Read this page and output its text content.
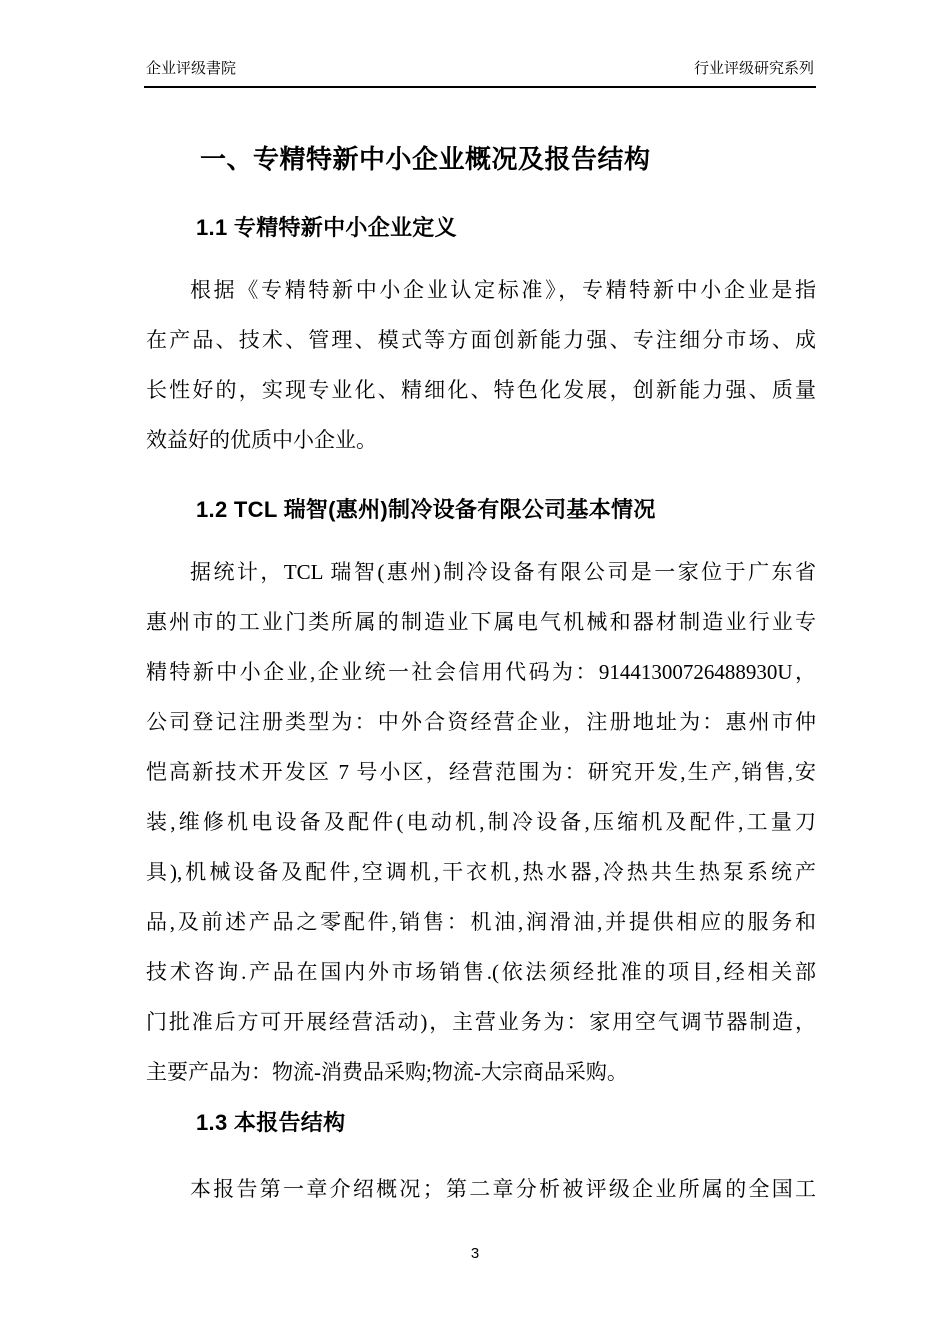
企业评级書院	行业评级研究系列
一、专精特新中小企业概况及报告结构
1.1 专精特新中小企业定义
根据《专精特新中小企业认定标准》，专精特新中小企业是指
在产品、技术、管理、模式等方面创新能力强、专注细分市场、成
长性好的，实现专业化、精细化、特色化发展，创新能力强、质量
效益好的优质中小企业。
1.2 TCL 瑞智(惠州)制冷设备有限公司基本情况
据统计，TCL 瑞智(惠州)制冷设备有限公司是一家位于广东省
惠州市的工业门类所属的制造业下属电气机械和器材制造业行业专
精特新中小企业,企业统一社会信用代码为：91441300726488930U，
公司登记注册类型为：中外合资经营企业，注册地址为：惠州市仲
恺高新技术开发区 7 号小区，经营范围为：研究开发,生产,销售,安
装,维修机电设备及配件(电动机,制冷设备,压缩机及配件,工量刀
具),机械设备及配件,空调机,干衣机,热水器,冷热共生热泵系统产
品,及前述产品之零配件,销售：机油,润滑油,并提供相应的服务和
技术咨询.产品在国内外市场销售.(依法须经批准的项目,经相关部
门批准后方可开展经营活动)，主营业务为：家用空气调节器制造，
主要产品为：物流-消费品采购;物流-大宗商品采购。
1.3 本报告结构
本报告第一章介绍概况；第二章分析被评级企业所属的全国工
3
